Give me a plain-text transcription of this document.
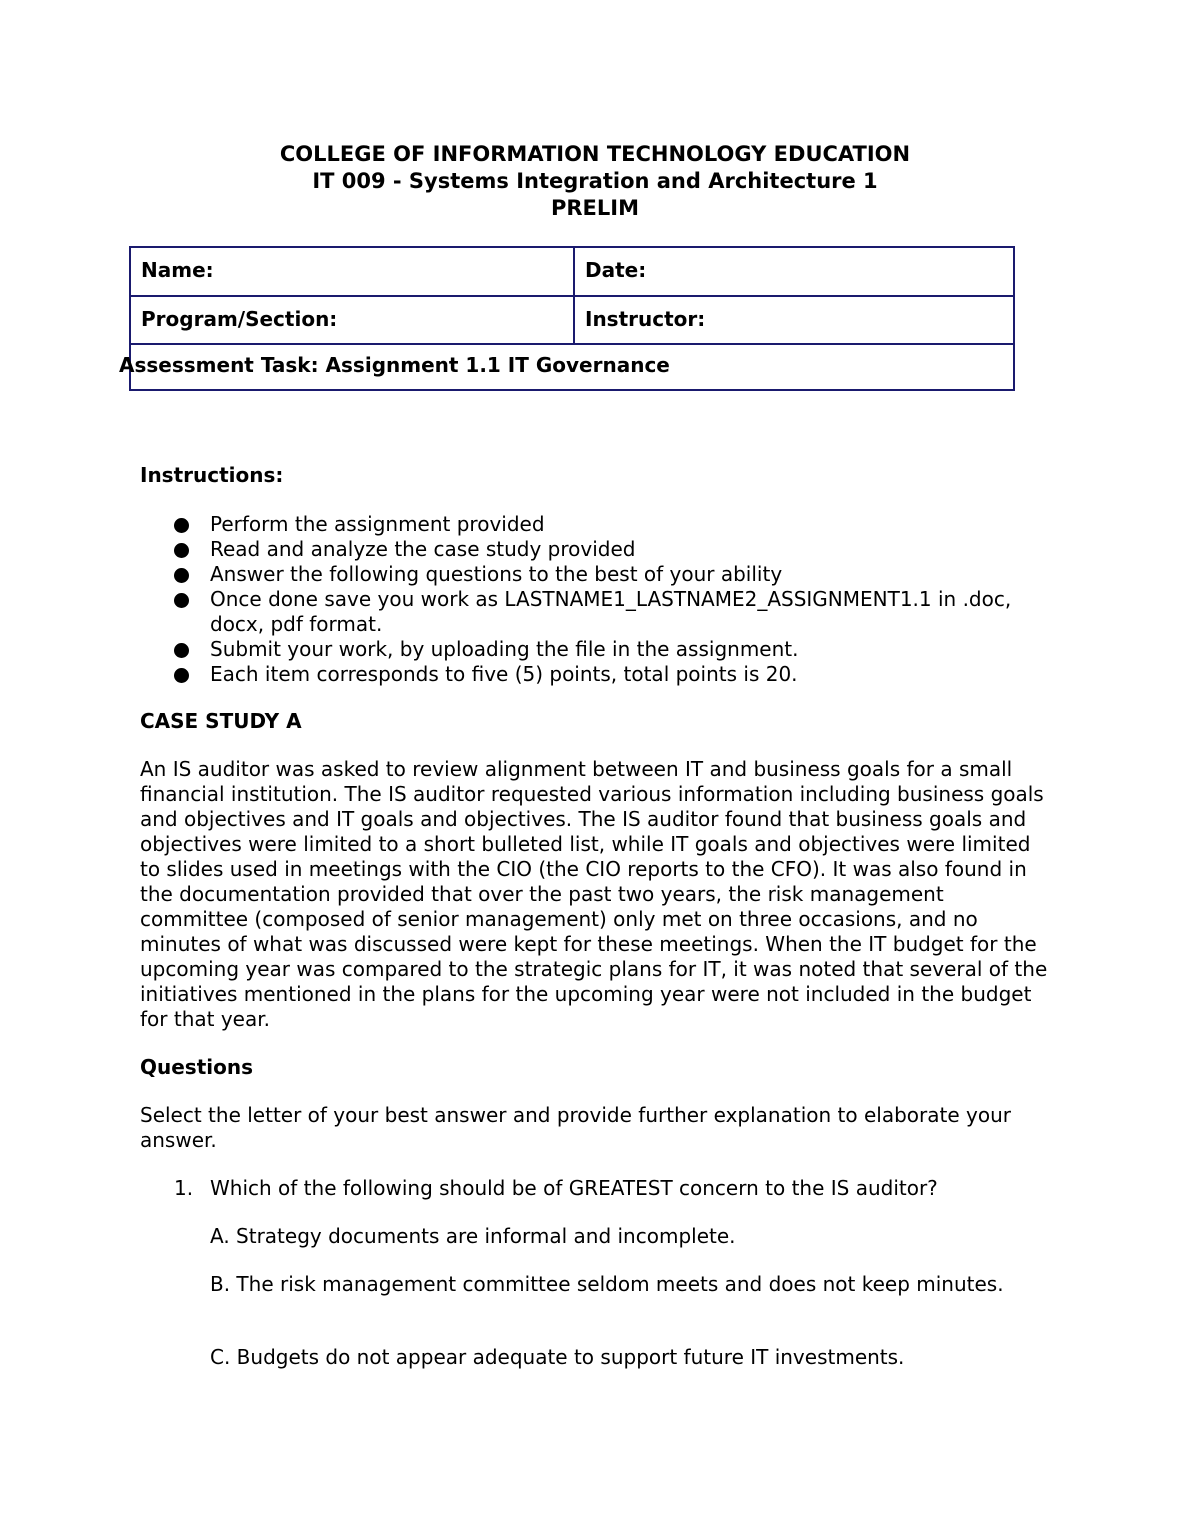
COLLEGE OF INFORMATION TECHNOLOGY EDUCATION
IT 009 - Systems Integration and Architecture 1
PRELIM
Name:	Date:
Program/Section:	Instructor:
Assessment Task: Assignment 1.1 IT Governance
Instructions:
Perform the assignment provided
Read and analyze the case study provided
Answer the following questions to the best of your ability
Once done save you work as LASTNAME1_LASTNAME2_ASSIGNMENT1.1 in .doc, docx, pdf format.
Submit your work, by uploading the file in the assignment.
Each item corresponds to five (5) points, total points is 20.
CASE STUDY A
An IS auditor was asked to review alignment between IT and business goals for a small financial institution. The IS auditor requested various information including business goals and objectives and IT goals and objectives. The IS auditor found that business goals and objectives were limited to a short bulleted list, while IT goals and objectives were limited to slides used in meetings with the CIO (the CIO reports to the CFO). It was also found in the documentation provided that over the past two years, the risk management committee (composed of senior management) only met on three occasions, and no minutes of what was discussed were kept for these meetings. When the IT budget for the upcoming year was compared to the strategic plans for IT, it was noted that several of the initiatives mentioned in the plans for the upcoming year were not included in the budget for that year.
Questions
Select the letter of your best answer and provide further explanation to elaborate your answer.
1. Which of the following should be of GREATEST concern to the IS auditor?
A. Strategy documents are informal and incomplete.
B. The risk management committee seldom meets and does not keep minutes.
C. Budgets do not appear adequate to support future IT investments.
